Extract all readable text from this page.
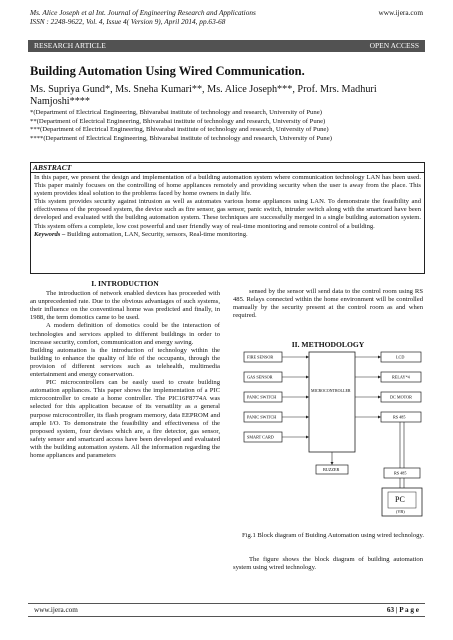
Ms. Alice Joseph et al Int. Journal of Engineering Research and Applications
ISSN : 2248-9622, Vol. 4, Issue 4( Version 9), April 2014, pp.63-68
www.ijera.com
RESEARCH ARTICLE	OPEN ACCESS
Building Automation Using Wired Communication.
Ms. Supriya Gund*, Ms. Sneha Kumari**, Ms. Alice Joseph***, Prof. Mrs. Madhuri Namjoshi****
*(Department of Electrical Engineering, Bhivarabai institute of technology and research, University of Pune)
**(Department of Electrical Engineering, Bhivarabai institute of technology and research, University of Pune)
***(Department of Electrical Engineering, Bhivarabai institute of technology and research, University of Pune)
****(Department of Electrical Engineering, Bhivarabai institute of technology and research, University of Pune)
ABSTRACT

In this paper, we present the design and implementation of a building automation system where communication technology LAN has been used. This paper mainly focuses on the controlling of home appliances remotely and providing security when the user is away from the place. This system provides ideal solution to the problems faced by home owners in daily life.

This system provides security against intrusion as well as automates various home appliances using LAN. To demonstrate the feasibility and effectiveness of the proposed system, the device such as fire sensor, gas sensor, panic switch, intruder switch along with the smartcard have been developed and evaluated with the building automation system. These techniques are successfully merged in a single building automation system. This system offers a complete, low cost powerful and user friendly way of real-time monitoring and remote control of a building.

Keywords – Building automation, LAN, Security, sensors, Real-time monitoring.

I. INTRODUCTION

The introduction of network enabled devices has proceeded with an unprecedented rate. Due to the obvious advantages of such systems, their influence on the conventional home was predicted and finally, in 1988, the term domotics came to be used.

A modern definition of domotics could be the interaction of technologies and services applied to different buildings in order to increase security, comfort, communication and energy saving.

Building automation is the introduction of technology within the building to enhance the quality of life of the occupants, through the provision of different services such as telehealth, multimedia entertainment and energy conservation.

PIC microcontrollers can be easily used to create building automation appliances. This paper shows the implementation of a PIC microcontroller to create a home controller. The PIC16F8774A was selected for this application because of its versatility as a general purpose microcontroller, its flash program memory, data EEPROM and ample I/O. To demonstrate the feasibility and effectiveness of the proposed system, four devises which are, a fire detector, gas sensor, safety sensor and smartcard access have been developed and evaluated with the building automation system. All the information regarding the home appliances and parameters

sensed by the sensor will send data to the control room using RS 485. Relays connected within the home environment will be controlled manually by the security present at the control room as and when required.

II. METHODOLOGY
FIRE SENSOR
GAS SENSOR
PANIC SWITCH
PANIC SWITCH
SMART CARD
MICROCONTROLLER
LCD
RELAY*4
DC MOTOR
RS 485
BUZZER
RS 485
PC
(VB)
Fig.1 Block diagram of Buiding Automation using wired technology.

The figure shows the block diagram of building automation system using wired technology.

www.ijera.com	63 | P a g e
